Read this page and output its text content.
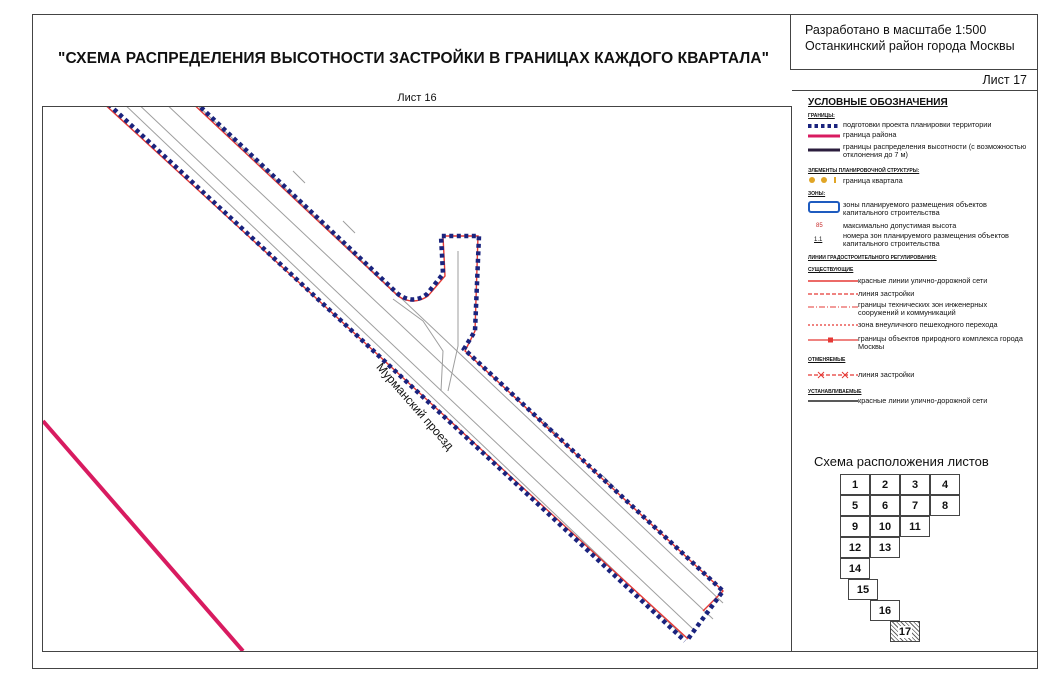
"СХЕМА РАСПРЕДЕЛЕНИЯ ВЫСОТНОСТИ ЗАСТРОЙКИ В ГРАНИЦАХ КАЖДОГО КВАРТАЛА"
Разработано в масштабе 1:500
Останкинский район города Москвы
Лист 17
Лист 16
Мурманский проезд
УСЛОВНЫЕ ОБОЗНАЧЕНИЯ
ГРАНИЦЫ:
подготовки проекта планировки территории
граница района
границы распределения высотности (с возможностью отклонения до 7 м)
ЭЛЕМЕНТЫ ПЛАНИРОВОЧНОЙ СТРУКТУРЫ:
граница квартала
ЗОНЫ:
зоны планируемого размещения объектов капитального строительства
85	максимально допустимая высота
1.1	номера зон планируемого размещения объектов капитального строительства
ЛИНИИ ГРАДОСТРОИТЕЛЬНОГО РЕГУЛИРОВАНИЯ:
СУЩЕСТВУЮЩИЕ
красные линии улично-дорожной сети
линия застройки
границы технических зон инженерных сооружений и коммуникаций
зона внеуличного пешеходного перехода
границы объектов природного комплекса города Москвы
ОТМЕНЯЕМЫЕ
линия застройки
УСТАНАВЛИВАЕМЫЕ
красные линии улично-дорожной сети
Схема расположения листов
1	2	3	4
5	6	7	8
9	10	11
12	13
14
15
16
17
